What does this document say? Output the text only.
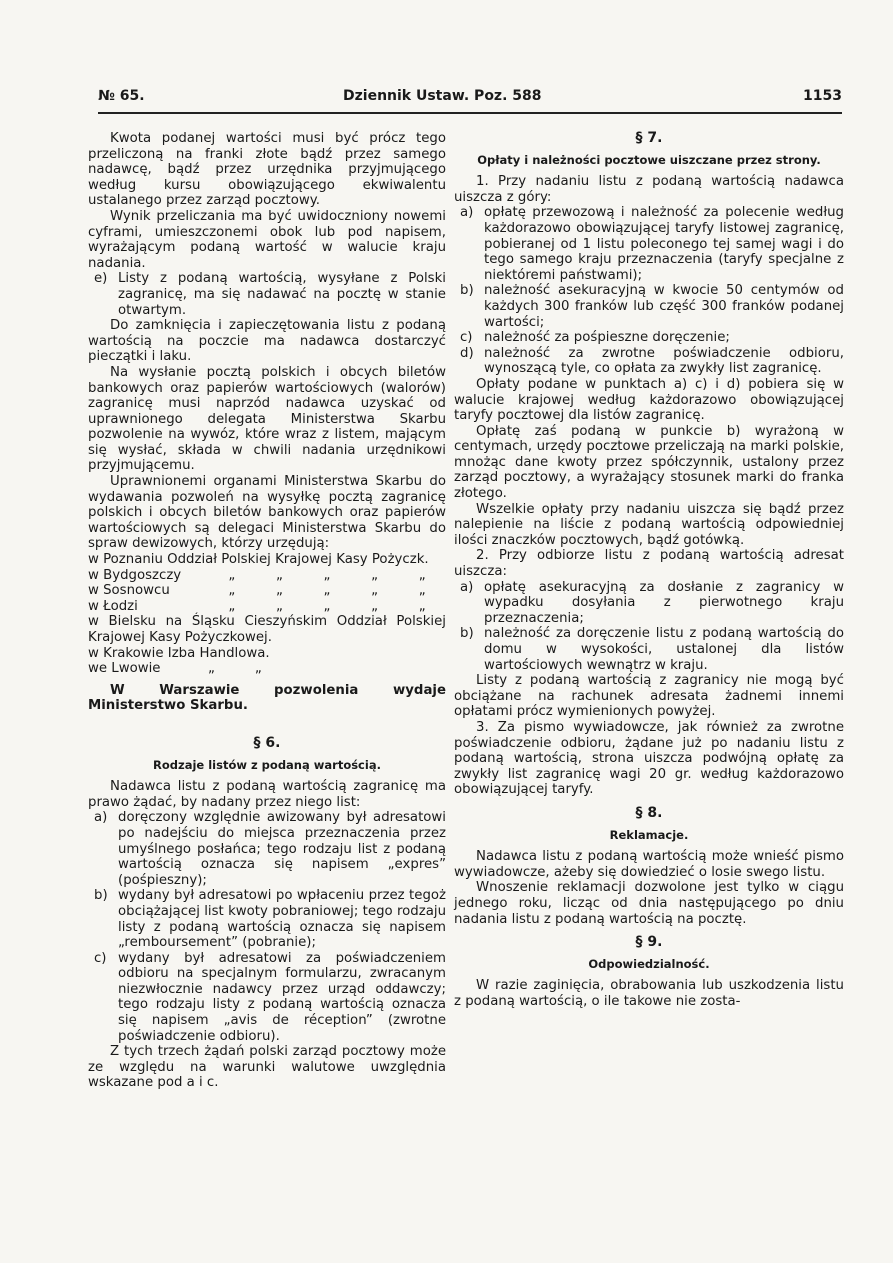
№ 65.	Dziennik Ustaw. Poz. 588	1153

Kwota podanej wartości musi być prócz tego przeliczoną na franki złote bądź przez samego nadawcę, bądź przez urzędnika przyjmującego według kursu obowiązującego ekwiwalentu ustalanego przez zarząd pocztowy.

Wynik przeliczania ma być uwidoczniony nowemi cyframi, umieszczonemi obok lub pod napisem, wyrażającym podaną wartość w walucie kraju nadania.

e) Listy z podaną wartością, wysyłane z Polski zagranicę, ma się nadawać na pocztę w stanie otwartym.

Do zamknięcia i zapieczętowania listu z podaną wartością na poczcie ma nadawca dostarczyć pieczątki i laku.

Na wysłanie pocztą polskich i obcych biletów bankowych oraz papierów wartościowych (walorów) zagranicę musi naprzód nadawca uzyskać od uprawnionego delegata Ministerstwa Skarbu pozwolenie na wywóz, które wraz z listem, mającym się wysłać, składa w chwili nadania urzędnikowi przyjmującemu.

Uprawnionemi organami Ministerstwa Skarbu do wydawania pozwoleń na wysyłkę pocztą zagranicę polskich i obcych biletów bankowych oraz papierów wartościowych są delegaci Ministerstwa Skarbu do spraw dewizowych, którzy urzędują:

w Poznaniu Oddział Polskiej Krajowej Kasy Pożyczk.

w Bydgoszczy	„	„	„	„	„
w Sosnowcu	„	„	„	„	„
w Łodzi	„	„	„	„	„

w Bielsku na Śląsku Cieszyńskim Oddział Polskiej Krajowej Kasy Pożyczkowej.

w Krakowie Izba Handlowa.

we Lwowie	„	„

W Warszawie pozwolenia wydaje Ministerstwo Skarbu.

§ 6.
Rodzaje listów z podaną wartością.

Nadawca listu z podaną wartością zagranicę ma prawo żądać, by nadany przez niego list:

a) doręczony względnie awizowany był adresatowi po nadejściu do miejsca przeznaczenia przez umyślnego posłańca; tego rodzaju list z podaną wartością oznacza się napisem „expres” (pośpieszny);
b) wydany był adresatowi po wpłaceniu przez tegoż obciążającej list kwoty pobraniowej; tego rodzaju listy z podaną wartością oznacza się napisem „remboursement” (pobranie);
c) wydany był adresatowi za poświadczeniem odbioru na specjalnym formularzu, zwracanym niezwłocznie nadawcy przez urząd oddawczy; tego rodzaju listy z podaną wartością oznacza się napisem „avis de réception” (zwrotne poświadczenie odbioru).

Z tych trzech żądań polski zarząd pocztowy może ze względu na warunki walutowe uwzględnia wskazane pod a i c.

§ 7.
Opłaty i należności pocztowe uiszczane przez strony.

1. Przy nadaniu listu z podaną wartością nadawca uiszcza z góry:

a) opłatę przewozową i należność za polecenie według każdorazowo obowiązującej taryfy listowej zagranicę, pobieranej od 1 listu poleconego tej samej wagi i do tego samego kraju przeznaczenia (taryfy specjalne z niektóremi państwami);
b) należność asekuracyjną w kwocie 50 centymów od każdych 300 franków lub część 300 franków podanej wartości;
c) należność za pośpieszne doręczenie;
d) należność za zwrotne poświadczenie odbioru, wynoszącą tyle, co opłata za zwykły list zagranicę.

Opłaty podane w punktach a) c) i d) pobiera się w walucie krajowej według każdorazowo obowiązującej taryfy pocztowej dla listów zagranicę.

Opłatę zaś podaną w punkcie b) wyrażoną w centymach, urzędy pocztowe przeliczają na marki polskie, mnożąc dane kwoty przez spółczynnik, ustalony przez zarząd pocztowy, a wyrażający stosunek marki do franka złotego.

Wszelkie opłaty przy nadaniu uiszcza się bądź przez nalepienie na liście z podaną wartością odpowiedniej ilości znaczków pocztowych, bądź gotówką.

2. Przy odbiorze listu z podaną wartością adresat uiszcza:

a) opłatę asekuracyjną za dosłanie z zagranicy w wypadku dosyłania z pierwotnego kraju przeznaczenia;
b) należność za doręczenie listu z podaną wartością do domu w wysokości, ustalonej dla listów wartościowych wewnątrz w kraju.

Listy z podaną wartością z zagranicy nie mogą być obciążane na rachunek adresata żadnemi innemi opłatami prócz wymienionych powyżej.

3. Za pismo wywiadowcze, jak również za zwrotne poświadczenie odbioru, żądane już po nadaniu listu z podaną wartością, strona uiszcza podwójną opłatę za zwykły list zagranicę wagi 20 gr. według każdorazowo obowiązującej taryfy.

§ 8.
Reklamacje.

Nadawca listu z podaną wartością może wnieść pismo wywiadowcze, ażeby się dowiedzieć o losie swego listu.

Wnoszenie reklamacji dozwolone jest tylko w ciągu jednego roku, licząc od dnia następującego po dniu nadania listu z podaną wartością na pocztę.

§ 9.
Odpowiedzialność.

W razie zaginięcia, obrabowania lub uszkodzenia listu z podaną wartością, o ile takowe nie zosta-
